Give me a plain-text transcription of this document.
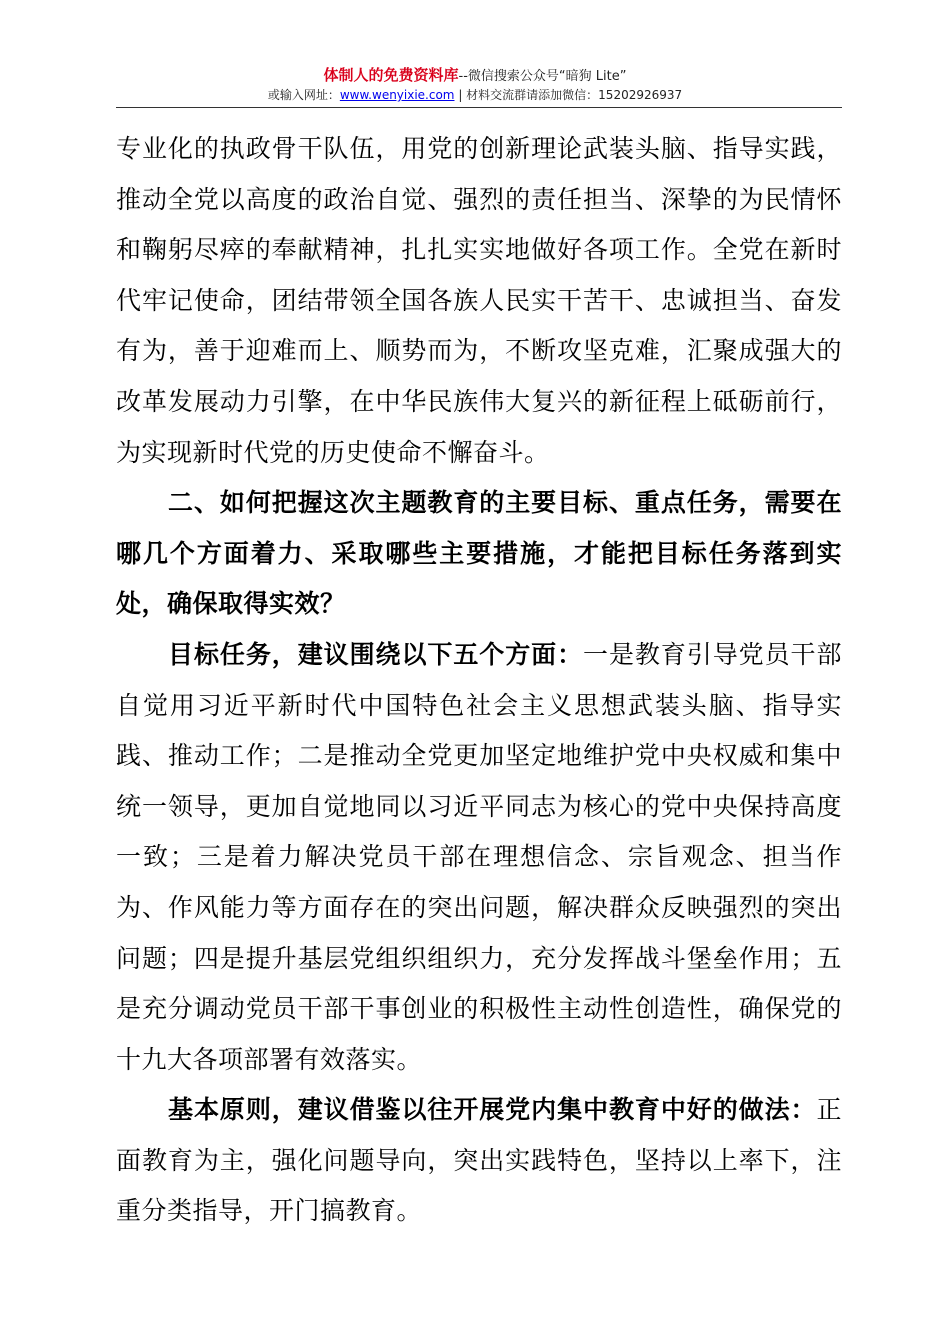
体制人的免费资料库--微信搜索公众号“暗狗 Lite”
或输入网址：www.wenyixie.com | 材料交流群请添加微信：15202926937

专业化的执政骨干队伍，用党的创新理论武装头脑、指导实践，推动全党以高度的政治自觉、强烈的责任担当、深挚的为民情怀和鞠躬尽瘁的奉献精神，扎扎实实地做好各项工作。全党在新时代牢记使命，团结带领全国各族人民实干苦干、忠诚担当、奋发有为，善于迎难而上、顺势而为，不断攻坚克难，汇聚成强大的改革发展动力引擎，在中华民族伟大复兴的新征程上砥砺前行，为实现新时代党的历史使命不懈奋斗。

二、如何把握这次主题教育的主要目标、重点任务，需要在哪几个方面着力、采取哪些主要措施，才能把目标任务落到实处，确保取得实效？

目标任务，建议围绕以下五个方面：一是教育引导党员干部自觉用习近平新时代中国特色社会主义思想武装头脑、指导实践、推动工作；二是推动全党更加坚定地维护党中央权威和集中统一领导，更加自觉地同以习近平同志为核心的党中央保持高度一致；三是着力解决党员干部在理想信念、宗旨观念、担当作为、作风能力等方面存在的突出问题，解决群众反映强烈的突出问题；四是提升基层党组织组织力，充分发挥战斗堡垒作用；五是充分调动党员干部干事创业的积极性主动性创造性，确保党的十九大各项部署有效落实。

基本原则，建议借鉴以往开展党内集中教育中好的做法：正面教育为主，强化问题导向，突出实践特色，坚持以上率下，注重分类指导，开门搞教育。
